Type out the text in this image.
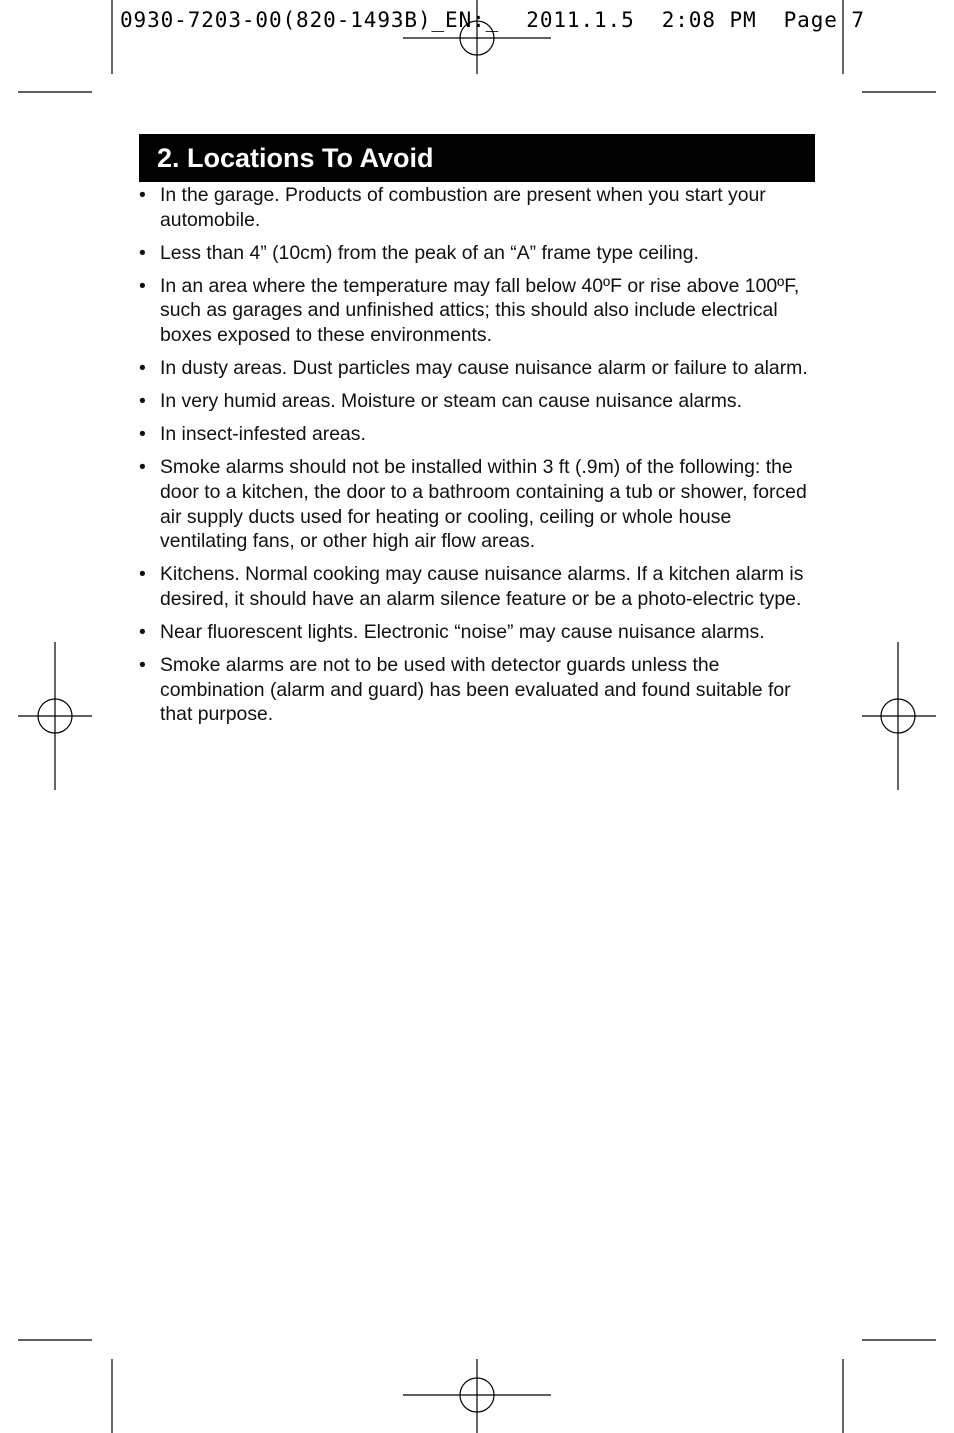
0930-7203-00(820-1493B)_EN:_  2011.1.5  2:08 PM  Page 7
2. Locations To Avoid
• In the garage. Products of combustion are present when you start your automobile.
• Less than 4” (10cm) from the peak of an “A” frame type ceiling.
• In an area where the temperature may fall below 40ºF or rise above 100ºF, such as garages and unfinished attics; this should also include electrical boxes exposed to these environments.
• In dusty areas. Dust particles may cause nuisance alarm or failure to alarm.
• In very humid areas. Moisture or steam can cause nuisance alarms.
• In insect-infested areas.
• Smoke alarms should not be installed within 3 ft (.9m) of the following: the door to a kitchen, the door to a bathroom containing a tub or shower, forced air supply ducts used for heating or cooling, ceiling or whole house ventilating fans, or other high air flow areas.
• Kitchens. Normal cooking may cause nuisance alarms. If a kitchen alarm is desired, it should have an alarm silence feature or be a photo-electric type.
• Near fluorescent lights. Electronic “noise” may cause nuisance alarms.
• Smoke alarms are not to be used with detector guards unless the combination (alarm and guard) has been evaluated and found suitable for that purpose.
